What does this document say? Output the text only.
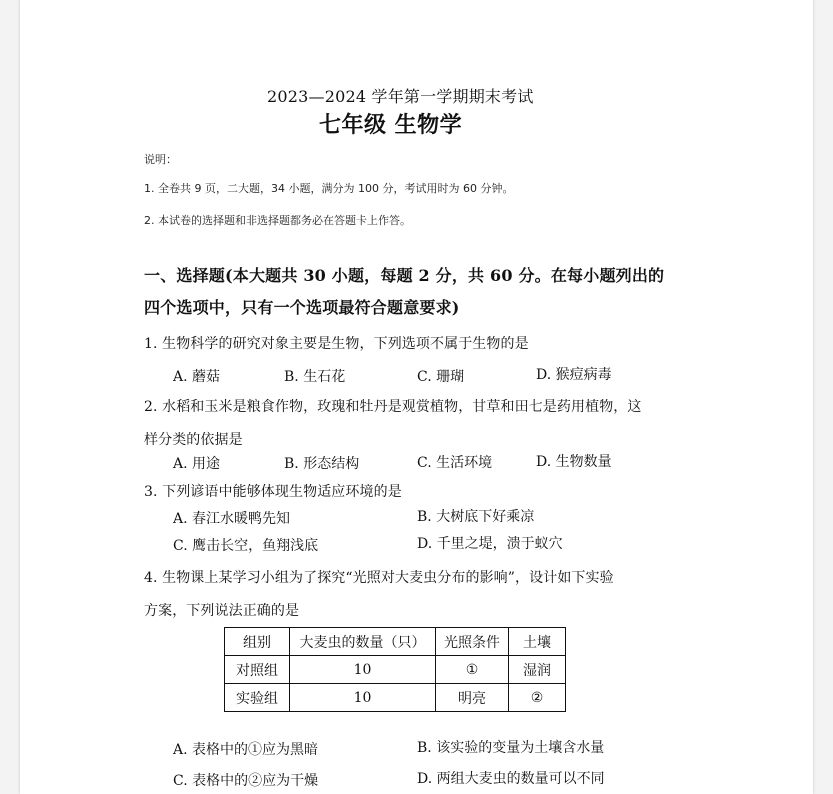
2023—2024 学年第一学期期末考试
七年级 生物学
说明：
1. 全卷共 9 页，二大题，34 小题，满分为 100 分，考试用时为 60 分钟。
2. 本试卷的选择题和非选择题都务必在答题卡上作答。
一、选择题(本大题共 30 小题，每题 2 分，共 60 分。在每小题列出的
四个选项中，只有一个选项最符合题意要求)
1. 生物科学的研究对象主要是生物，下列选项不属于生物的是
A. 蘑菇	B. 生石花	C. 珊瑚	D. 猴痘病毒
2. 水稻和玉米是粮食作物，玫瑰和牡丹是观赏植物，甘草和田七是药用植物，这
样分类的依据是
A. 用途	B. 形态结构	C. 生活环境	D. 生物数量
3. 下列谚语中能够体现生物适应环境的是
A. 春江水暖鸭先知	B. 大树底下好乘凉
C. 鹰击长空，鱼翔浅底	D. 千里之堤，溃于蚁穴
4. 生物课上某学习小组为了探究“光照对大麦虫分布的影响”，设计如下实验
方案，下列说法正确的是
组别	大麦虫的数量（只）	光照条件	土壤
对照组	10	①	湿润
实验组	10	明亮	②
A. 表格中的①应为黑暗	B. 该实验的变量为土壤含水量
C. 表格中的②应为干燥	D. 两组大麦虫的数量可以不同
